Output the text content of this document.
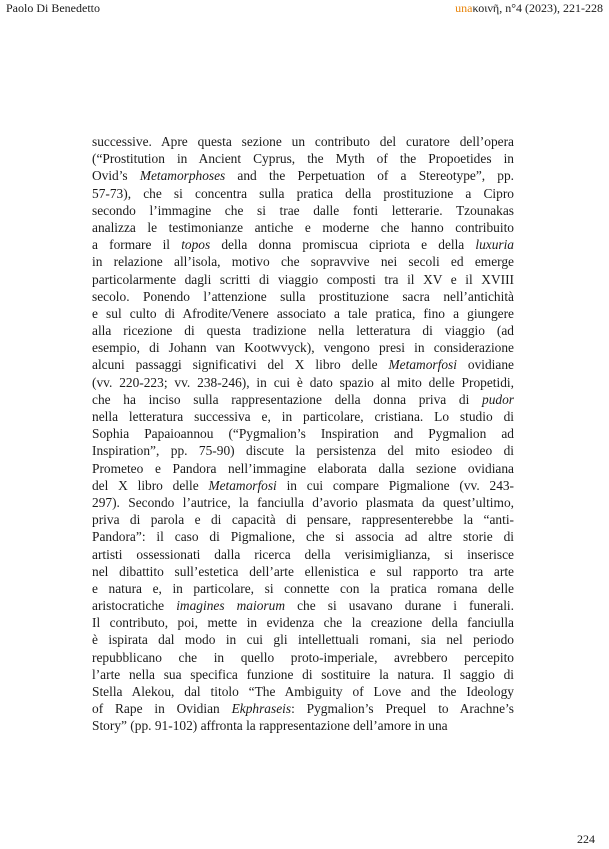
Paolo Di Benedetto	unaκοινῆ, n°4 (2023), 221-228
successive. Apre questa sezione un contributo del curatore dell’opera
(“Prostitution in Ancient Cyprus, the Myth of the Propoetides in
Ovid’s Metamorphoses and the Perpetuation of a Stereotype”, pp.
57-73), che si concentra sulla pratica della prostituzione a Cipro
secondo l’immagine che si trae dalle fonti letterarie. Tzounakas
analizza le testimonianze antiche e moderne che hanno contribuito
a formare il topos della donna promiscua cipriota e della luxuria
in relazione all’isola, motivo che sopravvive nei secoli ed emerge
particolarmente dagli scritti di viaggio composti tra il XV e il XVIII
secolo. Ponendo l’attenzione sulla prostituzione sacra nell’antichità
e sul culto di Afrodite/Venere associato a tale pratica, fino a giungere
alla ricezione di questa tradizione nella letteratura di viaggio (ad
esempio, di Johann van Kootwvyck), vengono presi in considerazione
alcuni passaggi significativi del X libro delle Metamorfosi ovidiane
(vv. 220-223; vv. 238-246), in cui è dato spazio al mito delle Propetidi,
che ha inciso sulla rappresentazione della donna priva di pudor
nella letteratura successiva e, in particolare, cristiana. Lo studio di
Sophia Papaioannou (“Pygmalion’s Inspiration and Pygmalion ad
Inspiration”, pp. 75-90) discute la persistenza del mito esiodeo di
Prometeo e Pandora nell’immagine elaborata dalla sezione ovidiana
del X libro delle Metamorfosi in cui compare Pigmalione (vv. 243-
297). Secondo l’autrice, la fanciulla d’avorio plasmata da quest’ultimo,
priva di parola e di capacità di pensare, rappresenterebbe la “anti-
Pandora”: il caso di Pigmalione, che si associa ad altre storie di
artisti ossessionati dalla ricerca della verisimiglianza, si inserisce
nel dibattito sull’estetica dell’arte ellenistica e sul rapporto tra arte
e natura e, in particolare, si connette con la pratica romana delle
aristocratiche imagines maiorum che si usavano durane i funerali.
Il contributo, poi, mette in evidenza che la creazione della fanciulla
è ispirata dal modo in cui gli intellettuali romani, sia nel periodo
repubblicano che in quello proto-imperiale, avrebbero percepito
l’arte nella sua specifica funzione di sostituire la natura. Il saggio di
Stella Alekou, dal titolo “The Ambiguity of Love and the Ideology
of Rape in Ovidian Ekphraseis: Pygmalion’s Prequel to Arachne’s
Story” (pp. 91-102) affronta la rappresentazione dell’amore in una
224
